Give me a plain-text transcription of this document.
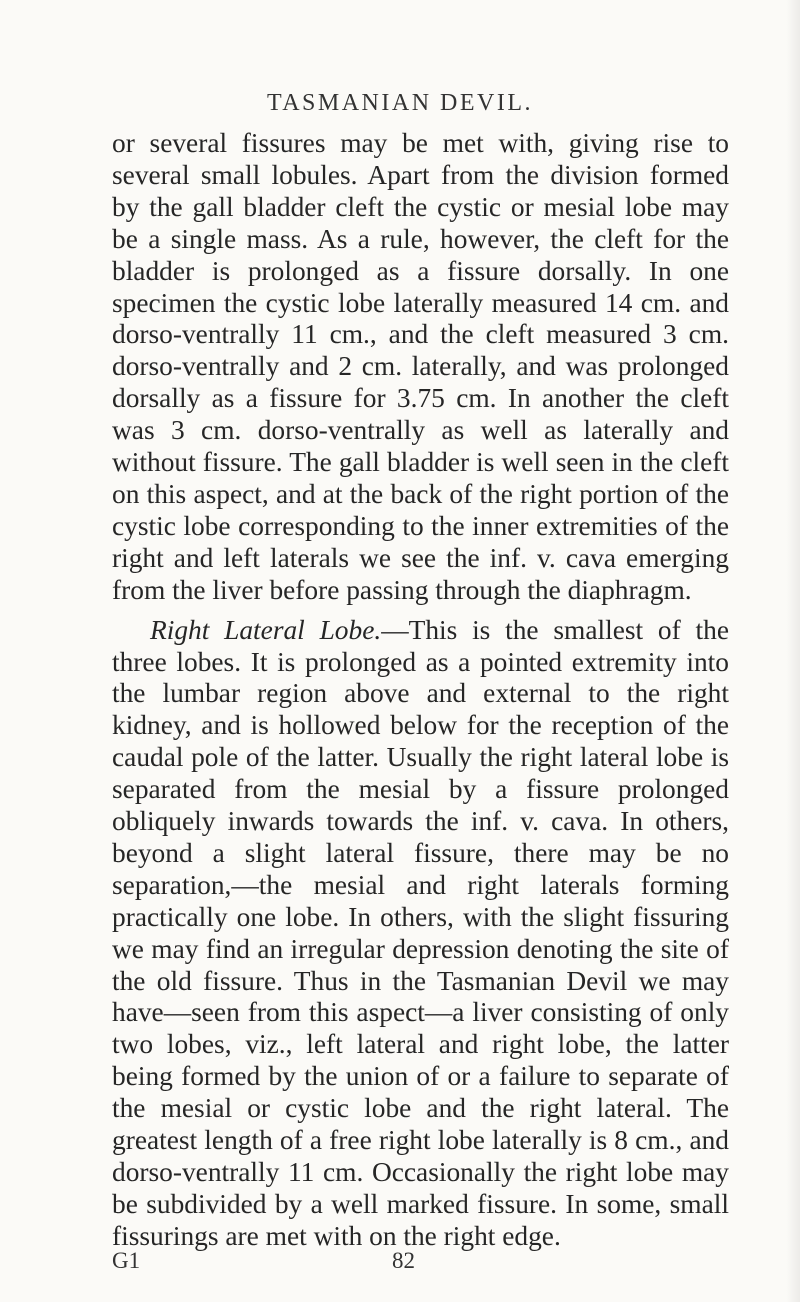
TASMANIAN DEVIL.

or several fissures may be met with, giving rise to several small lobules. Apart from the division formed by the gall bladder cleft the cystic or mesial lobe may be a single mass. As a rule, however, the cleft for the bladder is prolonged as a fissure dorsally. In one specimen the cystic lobe laterally measured 14 cm. and dorso-ventrally 11 cm., and the cleft measured 3 cm. dorso-ventrally and 2 cm. laterally, and was prolonged dorsally as a fissure for 3.75 cm. In another the cleft was 3 cm. dorso-ventrally as well as laterally and without fissure. The gall bladder is well seen in the cleft on this aspect, and at the back of the right portion of the cystic lobe corresponding to the inner extremities of the right and left laterals we see the inf. v. cava emerging from the liver before passing through the diaphragm.

Right Lateral Lobe.—This is the smallest of the three lobes. It is prolonged as a pointed extremity into the lumbar region above and external to the right kidney, and is hollowed below for the reception of the caudal pole of the latter. Usually the right lateral lobe is separated from the mesial by a fissure prolonged obliquely inwards towards the inf. v. cava. In others, beyond a slight lateral fissure, there may be no separation,—the mesial and right laterals forming practically one lobe. In others, with the slight fissuring we may find an irregular depression denoting the site of the old fissure. Thus in the Tasmanian Devil we may have—seen from this aspect—a liver consisting of only two lobes, viz., left lateral and right lobe, the latter being formed by the union of or a failure to separate of the mesial or cystic lobe and the right lateral. The greatest length of a free right lobe laterally is 8 cm., and dorso-ventrally 11 cm. Occasionally the right lobe may be subdivided by a well marked fissure. In some, small fissurings are met with on the right edge.

G1	82
